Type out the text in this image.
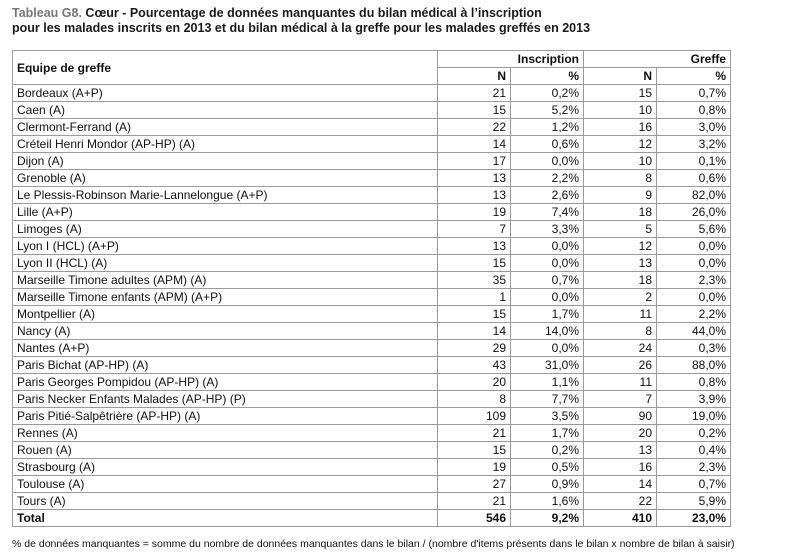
Tableau G8. Cœur - Pourcentage de données manquantes du bilan médical à l’inscription
pour les malades inscrits en 2013 et du bilan médical à la greffe pour les malades greffés en 2013
Equipe de greffe	Inscription		Greffe	
	N	%	N	%
Bordeaux (A+P)	21	0,2%	15	0,7%
Caen (A)	15	5,2%	10	0,8%
Clermont-Ferrand (A)	22	1,2%	16	3,0%
Créteil Henri Mondor (AP-HP) (A)	14	0,6%	12	3,2%
Dijon (A)	17	0,0%	10	0,1%
Grenoble (A)	13	2,2%	8	0,6%
Le Plessis-Robinson Marie-Lannelongue (A+P)	13	2,6%	9	82,0%
Lille (A+P)	19	7,4%	18	26,0%
Limoges (A)	7	3,3%	5	5,6%
Lyon I (HCL) (A+P)	13	0,0%	12	0,0%
Lyon II (HCL) (A)	15	0,0%	13	0,0%
Marseille Timone adultes (APM) (A)	35	0,7%	18	2,3%
Marseille Timone enfants (APM) (A+P)	1	0,0%	2	0,0%
Montpellier (A)	15	1,7%	11	2,2%
Nancy (A)	14	14,0%	8	44,0%
Nantes (A+P)	29	0,0%	24	0,3%
Paris Bichat (AP-HP) (A)	43	31,0%	26	88,0%
Paris Georges Pompidou (AP-HP) (A)	20	1,1%	11	0,8%
Paris Necker Enfants Malades (AP-HP) (P)	8	7,7%	7	3,9%
Paris Pitié-Salpêtrière (AP-HP) (A)	109	3,5%	90	19,0%
Rennes (A)	21	1,7%	20	0,2%
Rouen (A)	15	0,2%	13	0,4%
Strasbourg (A)	19	0,5%	16	2,3%
Toulouse (A)	27	0,9%	14	0,7%
Tours (A)	21	1,6%	22	5,9%
Total	546	9,2%	410	23,0%
% de données manquantes = somme du nombre de données manquantes dans le bilan / (nombre d'items présents dans le bilan x nombre de bilan à saisir)
